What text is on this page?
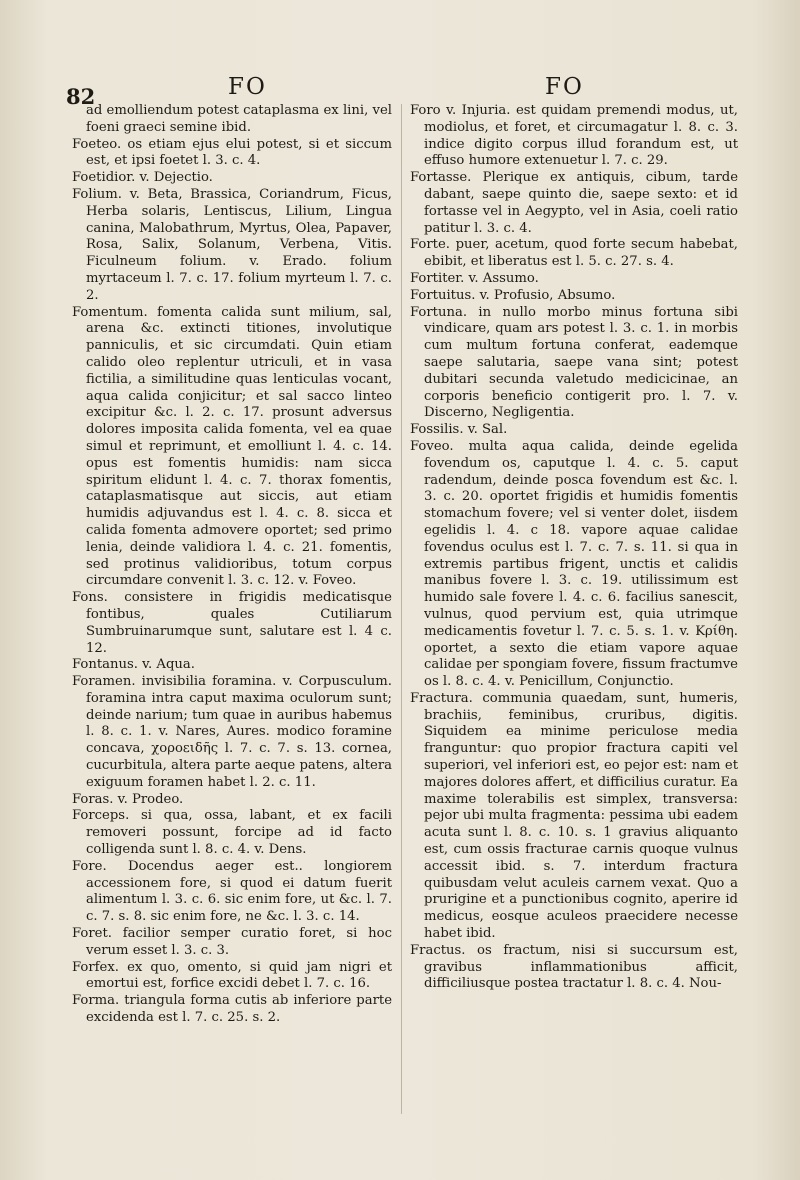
82	FO	FO

ad emolliendum potest cataplasma ex lini, vel foeni graeci semine ibid.

Foeteo. os etiam ejus elui potest, si et siccum est, et ipsi foetet l. 3. c. 4.

Foetidior. v. Dejectio.

Folium. v. Beta, Brassica, Coriandrum, Ficus, Herba solaris, Lentiscus, Lilium, Lingua canina, Malobathrum, Myrtus, Olea, Papaver, Rosa, Salix, Solanum, Verbena, Vitis. Ficulneum folium. v. Erado. folium myrtaceum l. 7. c. 17. folium myrteum l. 7. c. 2.

Fomentum. fomenta calida sunt milium, sal, arena &c. extincti titiones, involutique panniculis, et sic circumdati. Quin etiam calido oleo replentur utriculi, et in vasa fictilia, a similitudine quas lenticulas vocant, aqua calida conjicitur; et sal sacco linteo excipitur &c. l. 2. c. 17. prosunt adversus dolores imposita calida fomenta, vel ea quae simul et reprimunt, et emolliunt l. 4. c. 14. opus est fomentis humidis: nam sicca spiritum elidunt l. 4. c. 7. thorax fomentis, cataplasmatisque aut siccis, aut etiam humidis adjuvandus est l. 4. c. 8. sicca et calida fomenta admovere oportet; sed primo lenia, deinde validiora l. 4. c. 21. fomentis, sed protinus validioribus, totum corpus circumdare convenit l. 3. c. 12. v. Foveo.

Fons. consistere in frigidis medicatisque fontibus, quales Cutiliarum Sumbruinarumque sunt, salutare est l. 4 c. 12.

Fontanus. v. Aqua.

Foramen. invisibilia foramina. v. Corpusculum. foramina intra caput maxima oculorum sunt; deinde narium; tum quae in auribus habemus l. 8. c. 1. v. Nares, Aures. modico foramine concava, χοροειδῆς l. 7. c. 7. s. 13. cornea, cucurbitula, altera parte aeque patens, altera exiguum foramen habet l. 2. c. 11.

Foras. v. Prodeo.

Forceps. si qua, ossa, labant, et ex facili removeri possunt, forcipe ad id facto colligenda sunt l. 8. c. 4. v. Dens.

Fore. Docendus aeger est.. longiorem accessionem fore, si quod ei datum fuerit alimentum l. 3. c. 6. sic enim fore, ut &c. l. 7. c. 7. s. 8. sic enim fore, ne &c. l. 3. c. 14.

Foret. facilior semper curatio foret, si hoc verum esset l. 3. c. 3.

Forfex. ex quo, omento, si quid jam nigri et emortui est, forfice excidi debet l. 7. c. 16.

Forma. triangula forma cutis ab inferiore parte excidenda est l. 7. c. 25. s. 2.

Foro v. Injuria. est quidam premendi modus, ut, modiolus, et foret, et circumagatur l. 8. c. 3. indice digito corpus illud forandum est, ut effuso humore extenuetur l. 7. c. 29.

Fortasse. Plerique ex antiquis, cibum, tarde dabant, saepe quinto die, saepe sexto: et id fortasse vel in Aegypto, vel in Asia, coeli ratio patitur l. 3. c. 4.

Forte. puer, acetum, quod forte secum habebat, ebibit, et liberatus est l. 5. c. 27. s. 4.

Fortiter. v. Assumo.

Fortuitus. v. Profusio, Absumo.

Fortuna. in nullo morbo minus fortuna sibi vindicare, quam ars potest l. 3. c. 1. in morbis cum multum fortuna conferat, eademque saepe salutaria, saepe vana sint; potest dubitari secunda valetudo medicicinae, an corporis beneficio contigerit pro. l. 7. v. Discerno, Negligentia.

Fossilis. v. Sal.

Foveo. multa aqua calida, deinde egelida fovendum os, caputque l. 4. c. 5. caput radendum, deinde posca fovendum est &c. l. 3. c. 20. oportet frigidis et humidis fomentis stomachum fovere; vel si venter dolet, iisdem egelidis l. 4. c 18. vapore aquae calidae fovendus oculus est l. 7. c. 7. s. 11. si qua in extremis partibus frigent, unctis et calidis manibus fovere l. 3. c. 19. utilissimum est humido sale fovere l. 4. c. 6. facilius sanescit, vulnus, quod pervium est, quia utrimque medicamentis fovetur l. 7. c. 5. s. 1. v. Κρίθη. oportet, a sexto die etiam vapore aquae calidae per spongiam fovere, fissum fractumve os l. 8. c. 4. v. Penicillum, Conjunctio.

Fractura. communia quaedam, sunt, humeris, brachiis, feminibus, cruribus, digitis. Siquidem ea minime periculose media franguntur: quo propior fractura capiti vel superiori, vel inferiori est, eo pejor est: nam et majores dolores affert, et difficilius curatur. Ea maxime tolerabilis est simplex, transversa: pejor ubi multa fragmenta: pessima ubi eadem acuta sunt l. 8. c. 10. s. 1 gravius aliquanto est, cum ossis fracturae carnis quoque vulnus accessit ibid. s. 7. interdum fractura quibusdam velut aculeis carnem vexat. Quo a prurigine et a punctionibus cognito, aperire id medicus, eosque aculeos praecidere necesse habet ibid.

Fractus. os fractum, nisi si succursum est, gravibus inflammationibus afficit, difficiliusque postea tractatur l. 8. c. 4. Nou-
